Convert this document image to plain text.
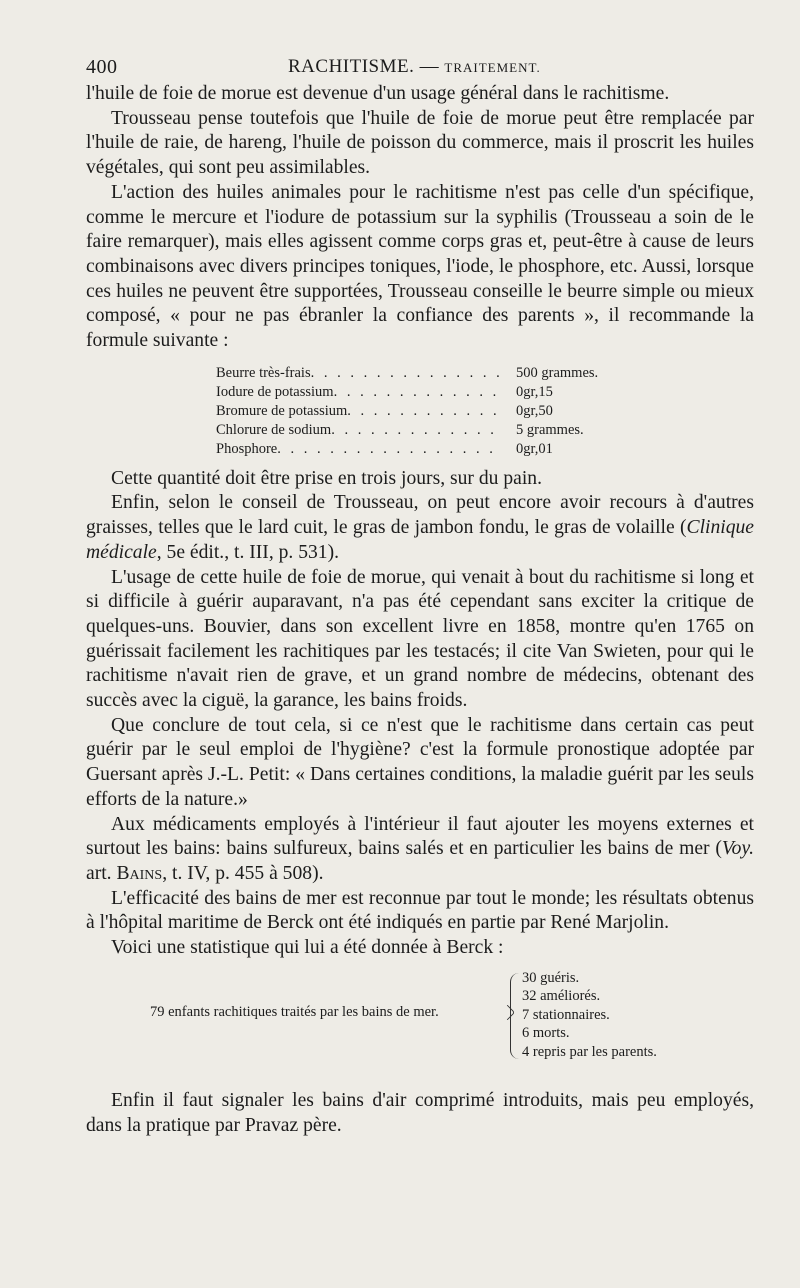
400	RACHITISME. — TRAITEMENT.

l'huile de foie de morue est devenue d'un usage général dans le rachitisme.

Trousseau pense toutefois que l'huile de foie de morue peut être remplacée par l'huile de raie, de hareng, l'huile de poisson du commerce, mais il proscrit les huiles végétales, qui sont peu assimilables.

L'action des huiles animales pour le rachitisme n'est pas celle d'un spécifique, comme le mercure et l'iodure de potassium sur la syphilis (Trousseau a soin de le faire remarquer), mais elles agissent comme corps gras et, peut-être à cause de leurs combinaisons avec divers principes toniques, l'iode, le phosphore, etc. Aussi, lorsque ces huiles ne peuvent être supportées, Trousseau conseille le beurre simple ou mieux composé, « pour ne pas ébranler la confiance des parents », il recommande la formule suivante :

Beurre très-frais . . .	500 grammes.
Iodure de potassium . . .	0gr,15
Bromure de potassium . . .	0gr,50
Chlorure de sodium . . .	5 grammes.
Phosphore . . .	0gr,01

Cette quantité doit être prise en trois jours, sur du pain.

Enfin, selon le conseil de Trousseau, on peut encore avoir recours à d'autres graisses, telles que le lard cuit, le gras de jambon fondu, le gras de volaille (Clinique médicale, 5e édit., t. III, p. 531).

L'usage de cette huile de foie de morue, qui venait à bout du rachitisme si long et si difficile à guérir auparavant, n'a pas été cependant sans exciter la critique de quelques-uns. Bouvier, dans son excellent livre en 1858, montre qu'en 1765 on guérissait facilement les rachitiques par les testacés; il cite Van Swieten, pour qui le rachitisme n'avait rien de grave, et un grand nombre de médecins, obtenant des succès avec la ciguë, la garance, les bains froids.

Que conclure de tout cela, si ce n'est que le rachitisme dans certain cas peut guérir par le seul emploi de l'hygiène? c'est la formule pronostique adoptée par Guersant après J.-L. Petit: « Dans certaines conditions, la maladie guérit par les seuls efforts de la nature.»

Aux médicaments employés à l'intérieur il faut ajouter les moyens externes et surtout les bains: bains sulfureux, bains salés et en particulier les bains de mer (Voy. art. Bains, t. IV, p. 455 à 508).

L'efficacité des bains de mer est reconnue par tout le monde; les résultats obtenus à l'hôpital maritime de Berck ont été indiqués en partie par René Marjolin.

Voici une statistique qui lui a été donnée à Berck :

79 enfants rachitiques traités par les bains de mer.
30 guéris.
32 améliorés.
7 stationnaires.
6 morts.
4 repris par les parents.

Enfin il faut signaler les bains d'air comprimé introduits, mais peu employés, dans la pratique par Pravaz père.
